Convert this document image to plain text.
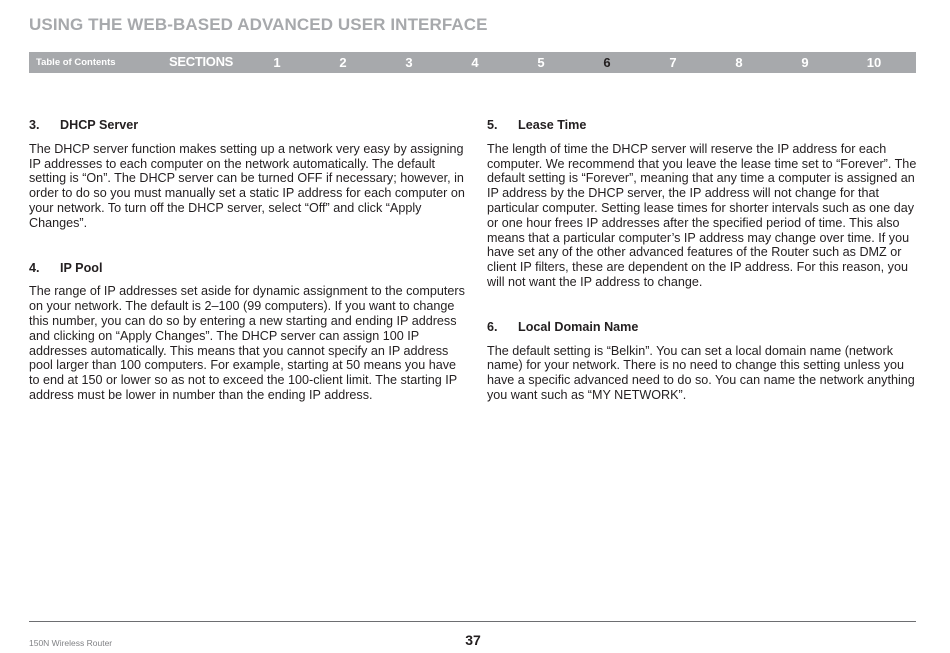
USING THE WEB-BASED ADVANCED USER INTERFACE
Table of Contents	SECTIONS	1	2	3	4	5	6	7	8	9	10
3.	DHCP Server

The DHCP server function makes setting up a network very easy by assigning IP addresses to each computer on the network automatically. The default setting is “On”. The DHCP server can be turned OFF if necessary; however, in order to do so you must manually set a static IP address for each computer on your network. To turn off the DHCP server, select “Off” and click “Apply Changes”.

4.	IP Pool

The range of IP addresses set aside for dynamic assignment to the computers on your network. The default is 2–100 (99 computers). If you want to change this number, you can do so by entering a new starting and ending IP address and clicking on “Apply Changes”. The DHCP server can assign 100 IP addresses automatically. This means that you cannot specify an IP address pool larger than 100 computers. For example, starting at 50 means you have to end at 150 or lower so as not to exceed the 100-client limit. The starting IP address must be lower in number than the ending IP address.

5.	Lease Time

The length of time the DHCP server will reserve the IP address for each computer. We recommend that you leave the lease time set to “Forever”. The default setting is “Forever”, meaning that any time a computer is assigned an IP address by the DHCP server, the IP address will not change for that particular computer. Setting lease times for shorter intervals such as one day or one hour frees IP addresses after the specified period of time. This also means that a particular computer’s IP address may change over time. If you have set any of the other advanced features of the Router such as DMZ or client IP filters, these are dependent on the IP address. For this reason, you will not want the IP address to change.

6.	Local Domain Name

The default setting is “Belkin”. You can set a local domain name (network name) for your network. There is no need to change this setting unless you have a specific advanced need to do so. You can name the network anything you want such as “MY NETWORK”.

150N Wireless Router	37
